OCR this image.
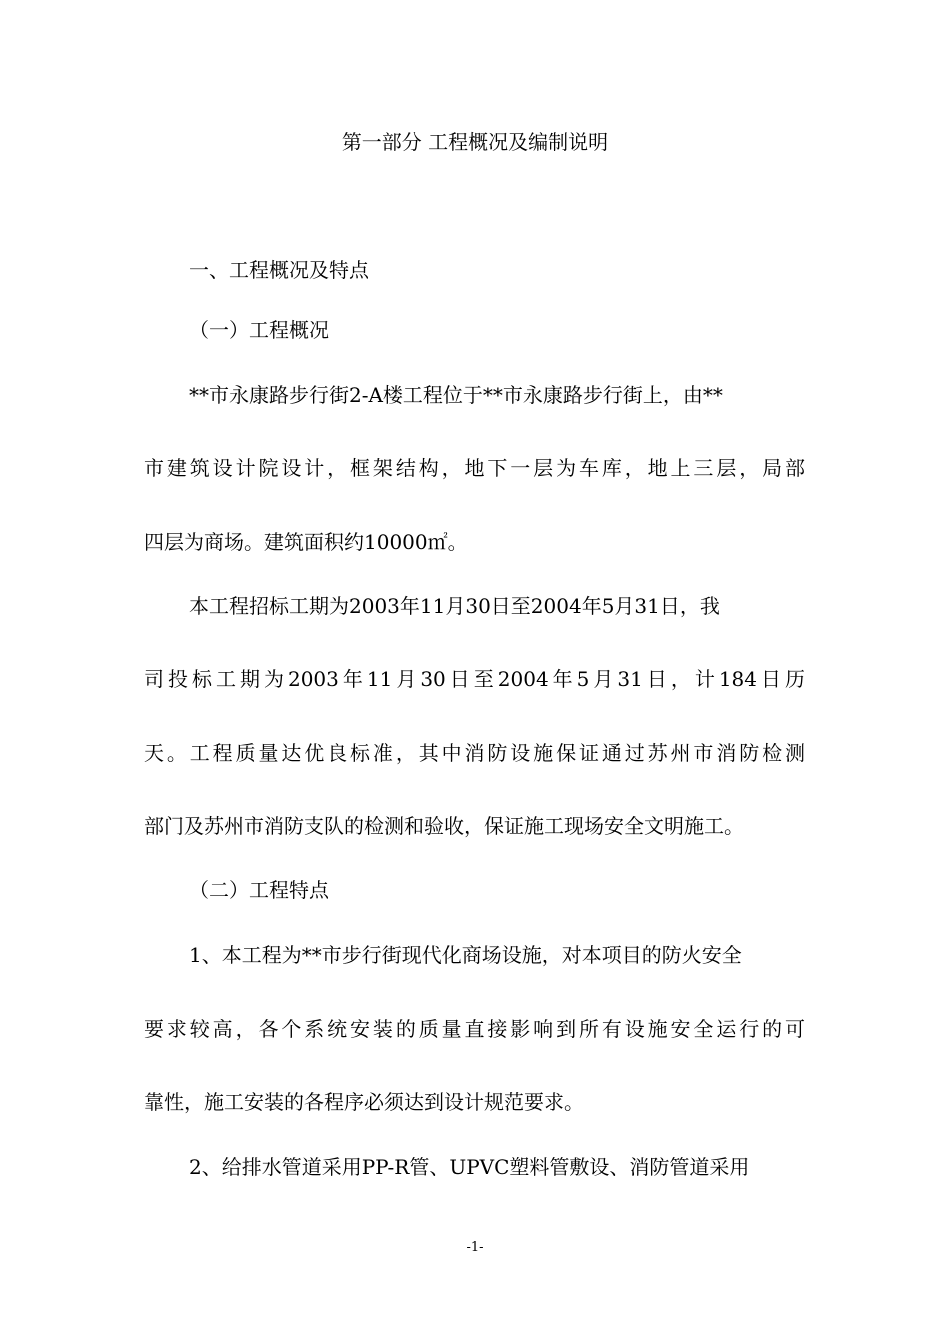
第一部分 工程概况及编制说明
一、工程概况及特点
（一）工程概况
**市永康路步行街2-A楼工程位于**市永康路步行街上，由**
市建筑设计院设计，框架结构，地下一层为车库，地上三层，局部
四层为商场。建筑面积约10000㎡。
本工程招标工期为2003年11月30日至2004年5月31日，我
司投标工期为2003年11月30日至2004年5月31日，计184日历
天。工程质量达优良标准，其中消防设施保证通过苏州市消防检测
部门及苏州市消防支队的检测和验收，保证施工现场安全文明施工。
（二）工程特点
1、本工程为**市步行街现代化商场设施，对本项目的防火安全
要求较高，各个系统安装的质量直接影响到所有设施安全运行的可
靠性，施工安装的各程序必须达到设计规范要求。
2、给排水管道采用PP-R管、UPVC塑料管敷设、消防管道采用
-1-
